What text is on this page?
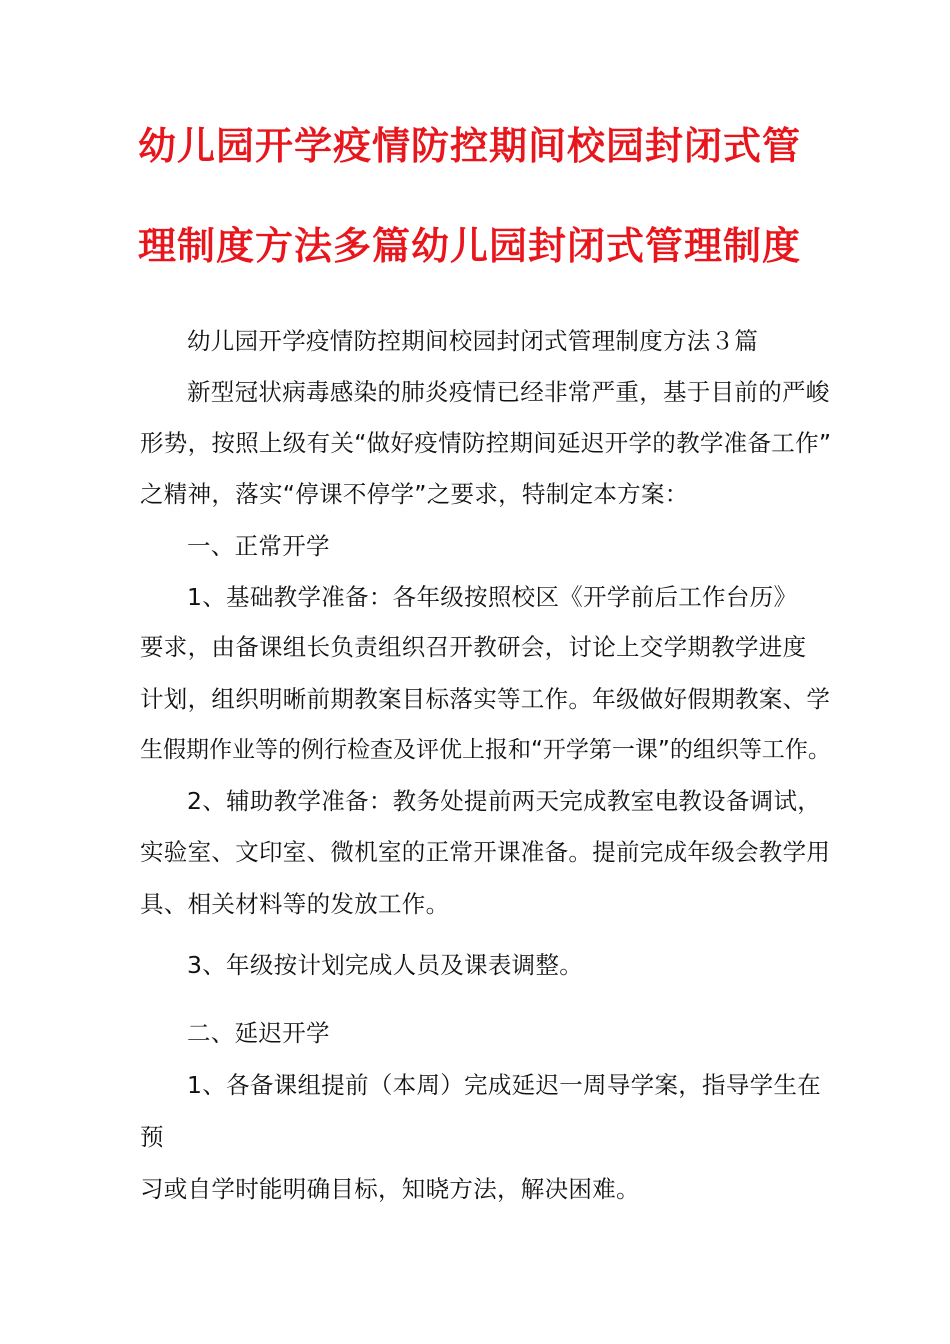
幼儿园开学疫情防控期间校园封闭式管
理制度方法多篇幼儿园封闭式管理制度
幼儿园开学疫情防控期间校园封闭式管理制度方法３篇
新型冠状病毒感染的肺炎疫情已经非常严重，基于目前的严峻
形势，按照上级有关“做好疫情防控期间延迟开学的教学准备工作”
之精神，落实“停课不停学”之要求，特制定本方案：
一、正常开学
1、基础教学准备：各年级按照校区《开学前后工作台历》
要求，由备课组长负责组织召开教研会，讨论上交学期教学进度
计划，组织明晰前期教案目标落实等工作。年级做好假期教案、学
生假期作业等的例行检查及评优上报和“开学第一课”的组织等工作。
2、辅助教学准备：教务处提前两天完成教室电教设备调试，
实验室、文印室、微机室的正常开课准备。提前完成年级会教学用
具、相关材料等的发放工作。
3、年级按计划完成人员及课表调整。
二、延迟开学
1、各备课组提前（本周）完成延迟一周导学案，指导学生在
预
习或自学时能明确目标，知晓方法，解决困难。
